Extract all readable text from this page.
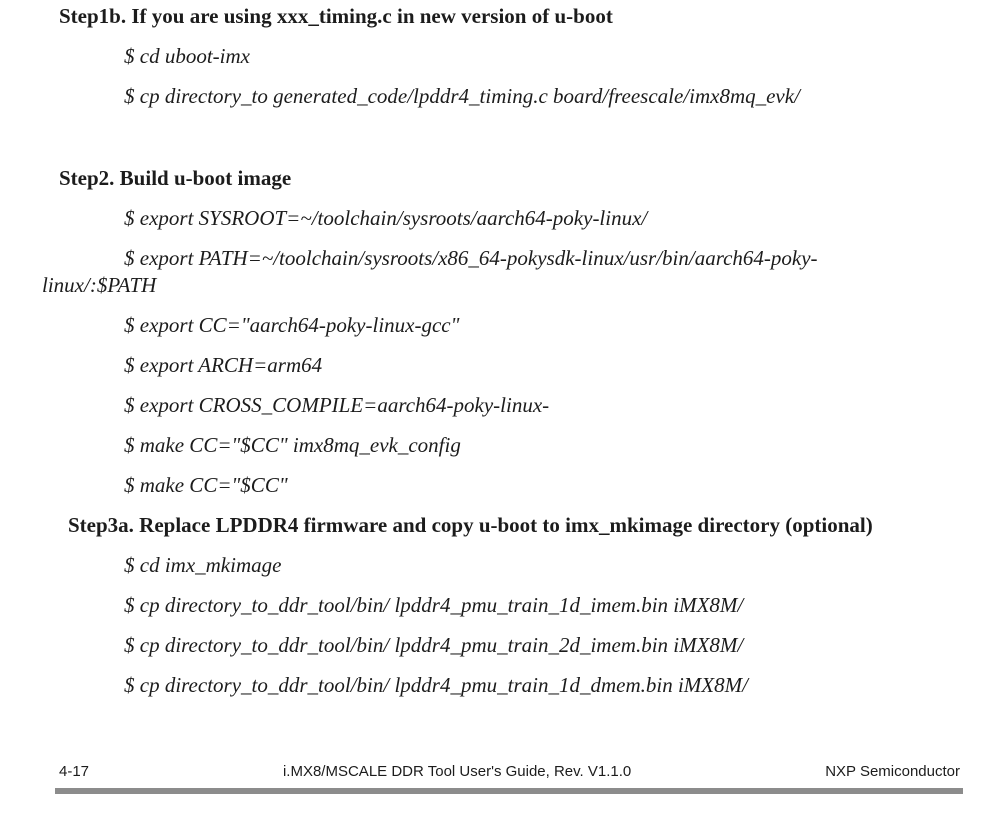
Step1b. If you are using xxx_timing.c in new version of u-boot

$ cd uboot-imx

$ cp directory_to generated_code/lpddr4_timing.c board/freescale/imx8mq_evk/

Step2. Build u-boot image

$ export SYSROOT=~/toolchain/sysroots/aarch64-poky-linux/

$ export PATH=~/toolchain/sysroots/x86_64-pokysdk-linux/usr/bin/aarch64-poky-
linux/:$PATH

$ export CC="aarch64-poky-linux-gcc"

$ export ARCH=arm64

$ export CROSS_COMPILE=aarch64-poky-linux-

$ make CC="$CC" imx8mq_evk_config

$ make CC="$CC"

Step3a. Replace LPDDR4 firmware and copy u-boot to imx_mkimage directory (optional)

$ cd imx_mkimage

$ cp directory_to_ddr_tool/bin/ lpddr4_pmu_train_1d_imem.bin iMX8M/

$ cp directory_to_ddr_tool/bin/ lpddr4_pmu_train_2d_imem.bin iMX8M/

$ cp directory_to_ddr_tool/bin/ lpddr4_pmu_train_1d_dmem.bin iMX8M/

4-17	i.MX8/MSCALE DDR Tool User's Guide, Rev. V1.1.0	NXP Semiconductor
